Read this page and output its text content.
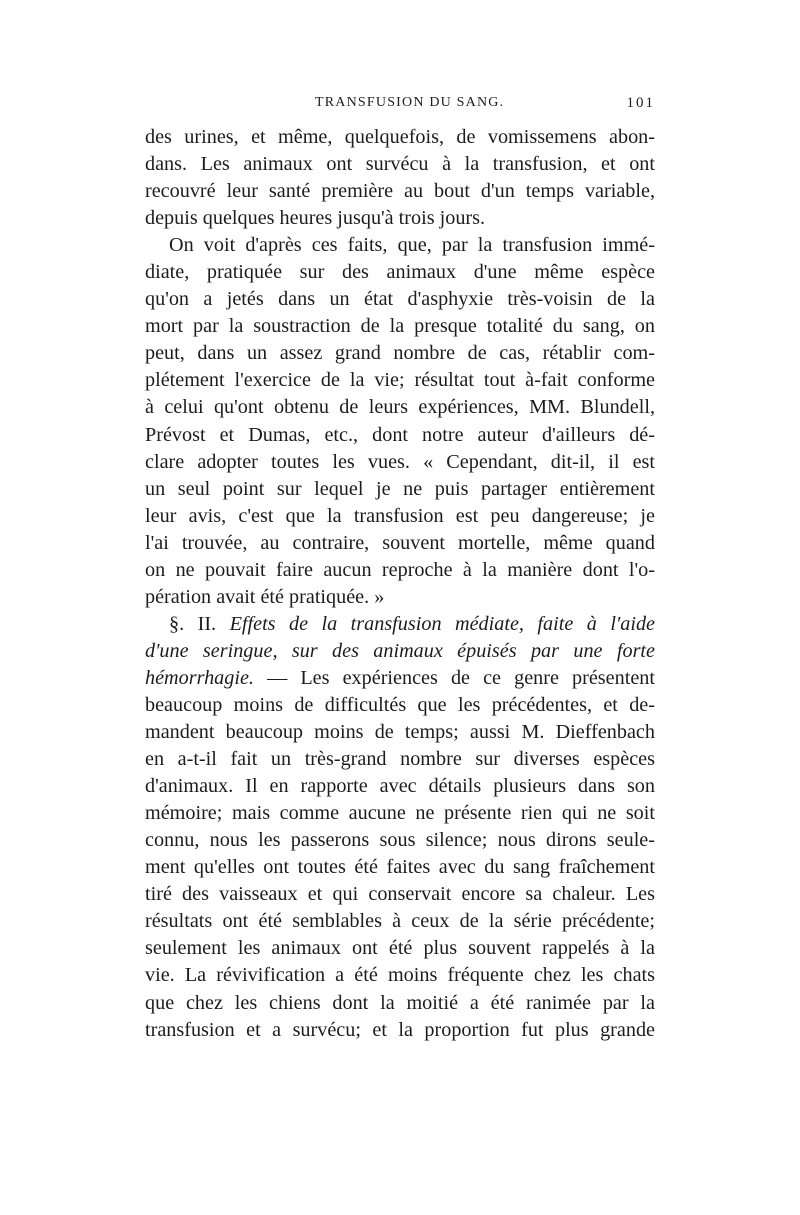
TRANSFUSION DU SANG.	101
des urines, et même, quelquefois, de vomissemens abon-
dans. Les animaux ont survécu à la transfusion, et ont
recouvré leur santé première au bout d'un temps variable,
depuis quelques heures jusqu'à trois jours.
On voit d'après ces faits, que, par la transfusion immé-
diate, pratiquée sur des animaux d'une même espèce
qu'on a jetés dans un état d'asphyxie très-voisin de la
mort par la soustraction de la presque totalité du sang, on
peut, dans un assez grand nombre de cas, rétablir com-
plétement l'exercice de la vie; résultat tout à-fait conforme
à celui qu'ont obtenu de leurs expériences, MM. Blundell,
Prévost et Dumas, etc., dont notre auteur d'ailleurs dé-
clare adopter toutes les vues. « Cependant, dit-il, il est
un seul point sur lequel je ne puis partager entièrement
leur avis, c'est que la transfusion est peu dangereuse; je
l'ai trouvée, au contraire, souvent mortelle, même quand
on ne pouvait faire aucun reproche à la manière dont l'o-
pération avait été pratiquée. »
§. II. Effets de la transfusion médiate, faite à l'aide
d'une seringue, sur des animaux épuisés par une forte
hémorrhagie. — Les expériences de ce genre présentent
beaucoup moins de difficultés que les précédentes, et de-
mandent beaucoup moins de temps; aussi M. Dieffenbach
en a-t-il fait un très-grand nombre sur diverses espèces
d'animaux. Il en rapporte avec détails plusieurs dans son
mémoire; mais comme aucune ne présente rien qui ne soit
connu, nous les passerons sous silence; nous dirons seule-
ment qu'elles ont toutes été faites avec du sang fraîchement
tiré des vaisseaux et qui conservait encore sa chaleur. Les
résultats ont été semblables à ceux de la série précédente;
seulement les animaux ont été plus souvent rappelés à la
vie. La révivification a été moins fréquente chez les chats
que chez les chiens dont la moitié a été ranimée par la
transfusion et a survécu; et la proportion fut plus grande
